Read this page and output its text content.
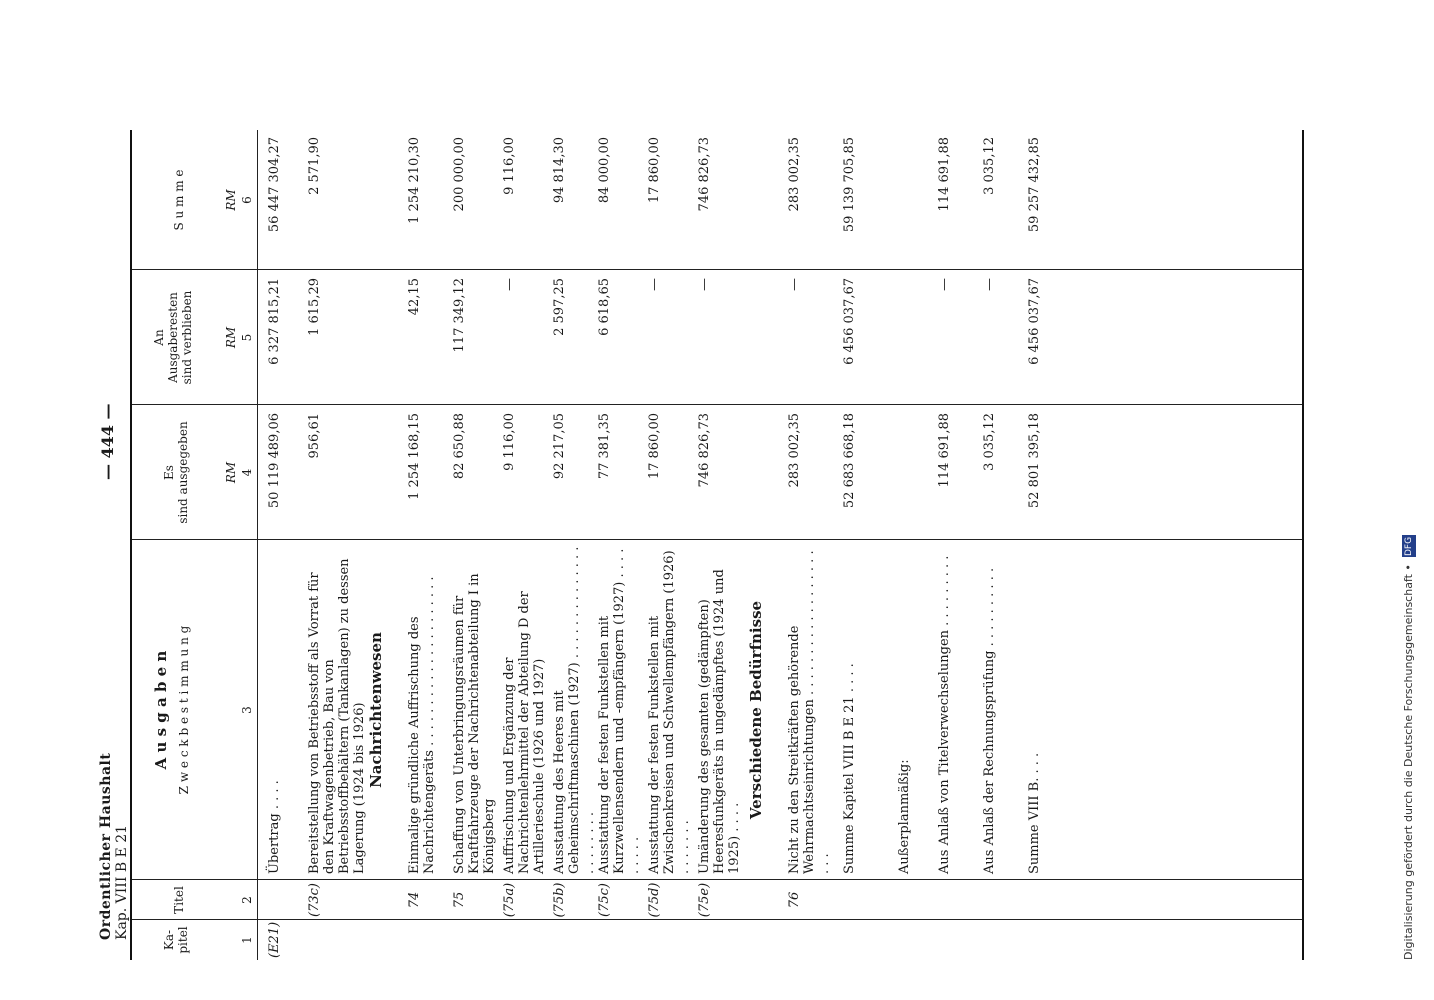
Ordentlicher Haushalt Kap. VIII B E 21
— 444 —
Ka-
pitel
Titel
A u s g a b e n Z w e c k b e s t i m m u n g
Es
sind ausgegeben
An
Ausgaberesten
sind verblieben
S u m m e
RM
RM
RM
1
2
3
4
5
6
(E21)
Übertrag . . . .
50 119 489,06
6 327 815,21
56 447 304,27
(73c)
Bereitstellung von Betriebsstoff als Vorrat für den Kraftwagenbetrieb, Bau von Betriebsstoffbehältern (Tankanlagen) zu dessen Lagerung (1924 bis 1926)
956,61
1 615,29
2 571,90
Nachrichtenwesen
74
Einmalige gründliche Auffrischung des Nachrichtengeräts . . . . . . . . . . . . . . . . . . . . .
1 254 168,15
42,15
1 254 210,30
75
Schaffung von Unterbringungsräumen für Kraftfahrzeuge der Nachrichtenabteilung I in Königsberg
82 650,88
117 349,12
200 000,00
(75a)
Auffrischung und Ergänzung der Nachrichtenlehrmittel der Abteilung D der Artillerieschule (1926 und 1927)
9 116,00
—
9 116,00
(75b)
Ausstattung des Heeres mit Geheimschriftmaschinen (1927) . . . . . . . . . . . . . . . . . . . . . .
92 217,05
2 597,25
94 814,30
(75c)
Ausstattung der festen Funkstellen mit Kurzwellensendern und -empfängern (1927) . . . . . . . . .
77 381,35
6 618,65
84 000,00
(75d)
Ausstattung der festen Funkstellen mit Zwischenkreisen und Schwellempfängern (1926) . . . . . . .
17 860,00
—
17 860,00
(75e)
Umänderung des gesamten (gedämpften) Heeresfunkgeräts in ungedämpftes (1924 und 1925) . . . .
746 826,73
—
746 826,73
Verschiedene Bedürfnisse
76
Nicht zu den Streitkräften gehörende Wehrmachtseinrichtungen . . . . . . . . . . . . . . . . . . . . .
283 002,35
—
283 002,35
Summe Kapitel VIII B E 21 . . . .
52 683 668,18
6 456 037,67
59 139 705,85
Außerplanmäßig: Aus Anlaß von Titelverwechselungen . . . . . . . . .
114 691,88
—
114 691,88
Aus Anlaß der Rechnungsprüfung . . . . . . . . . .
3 035,12
—
3 035,12
Summe VIII B. . . .
52 801 395,18
6 456 037,67
59 257 432,85
Digitalisierung gefördert durch die Deutsche Forschungsgemeinschaft • DFG
